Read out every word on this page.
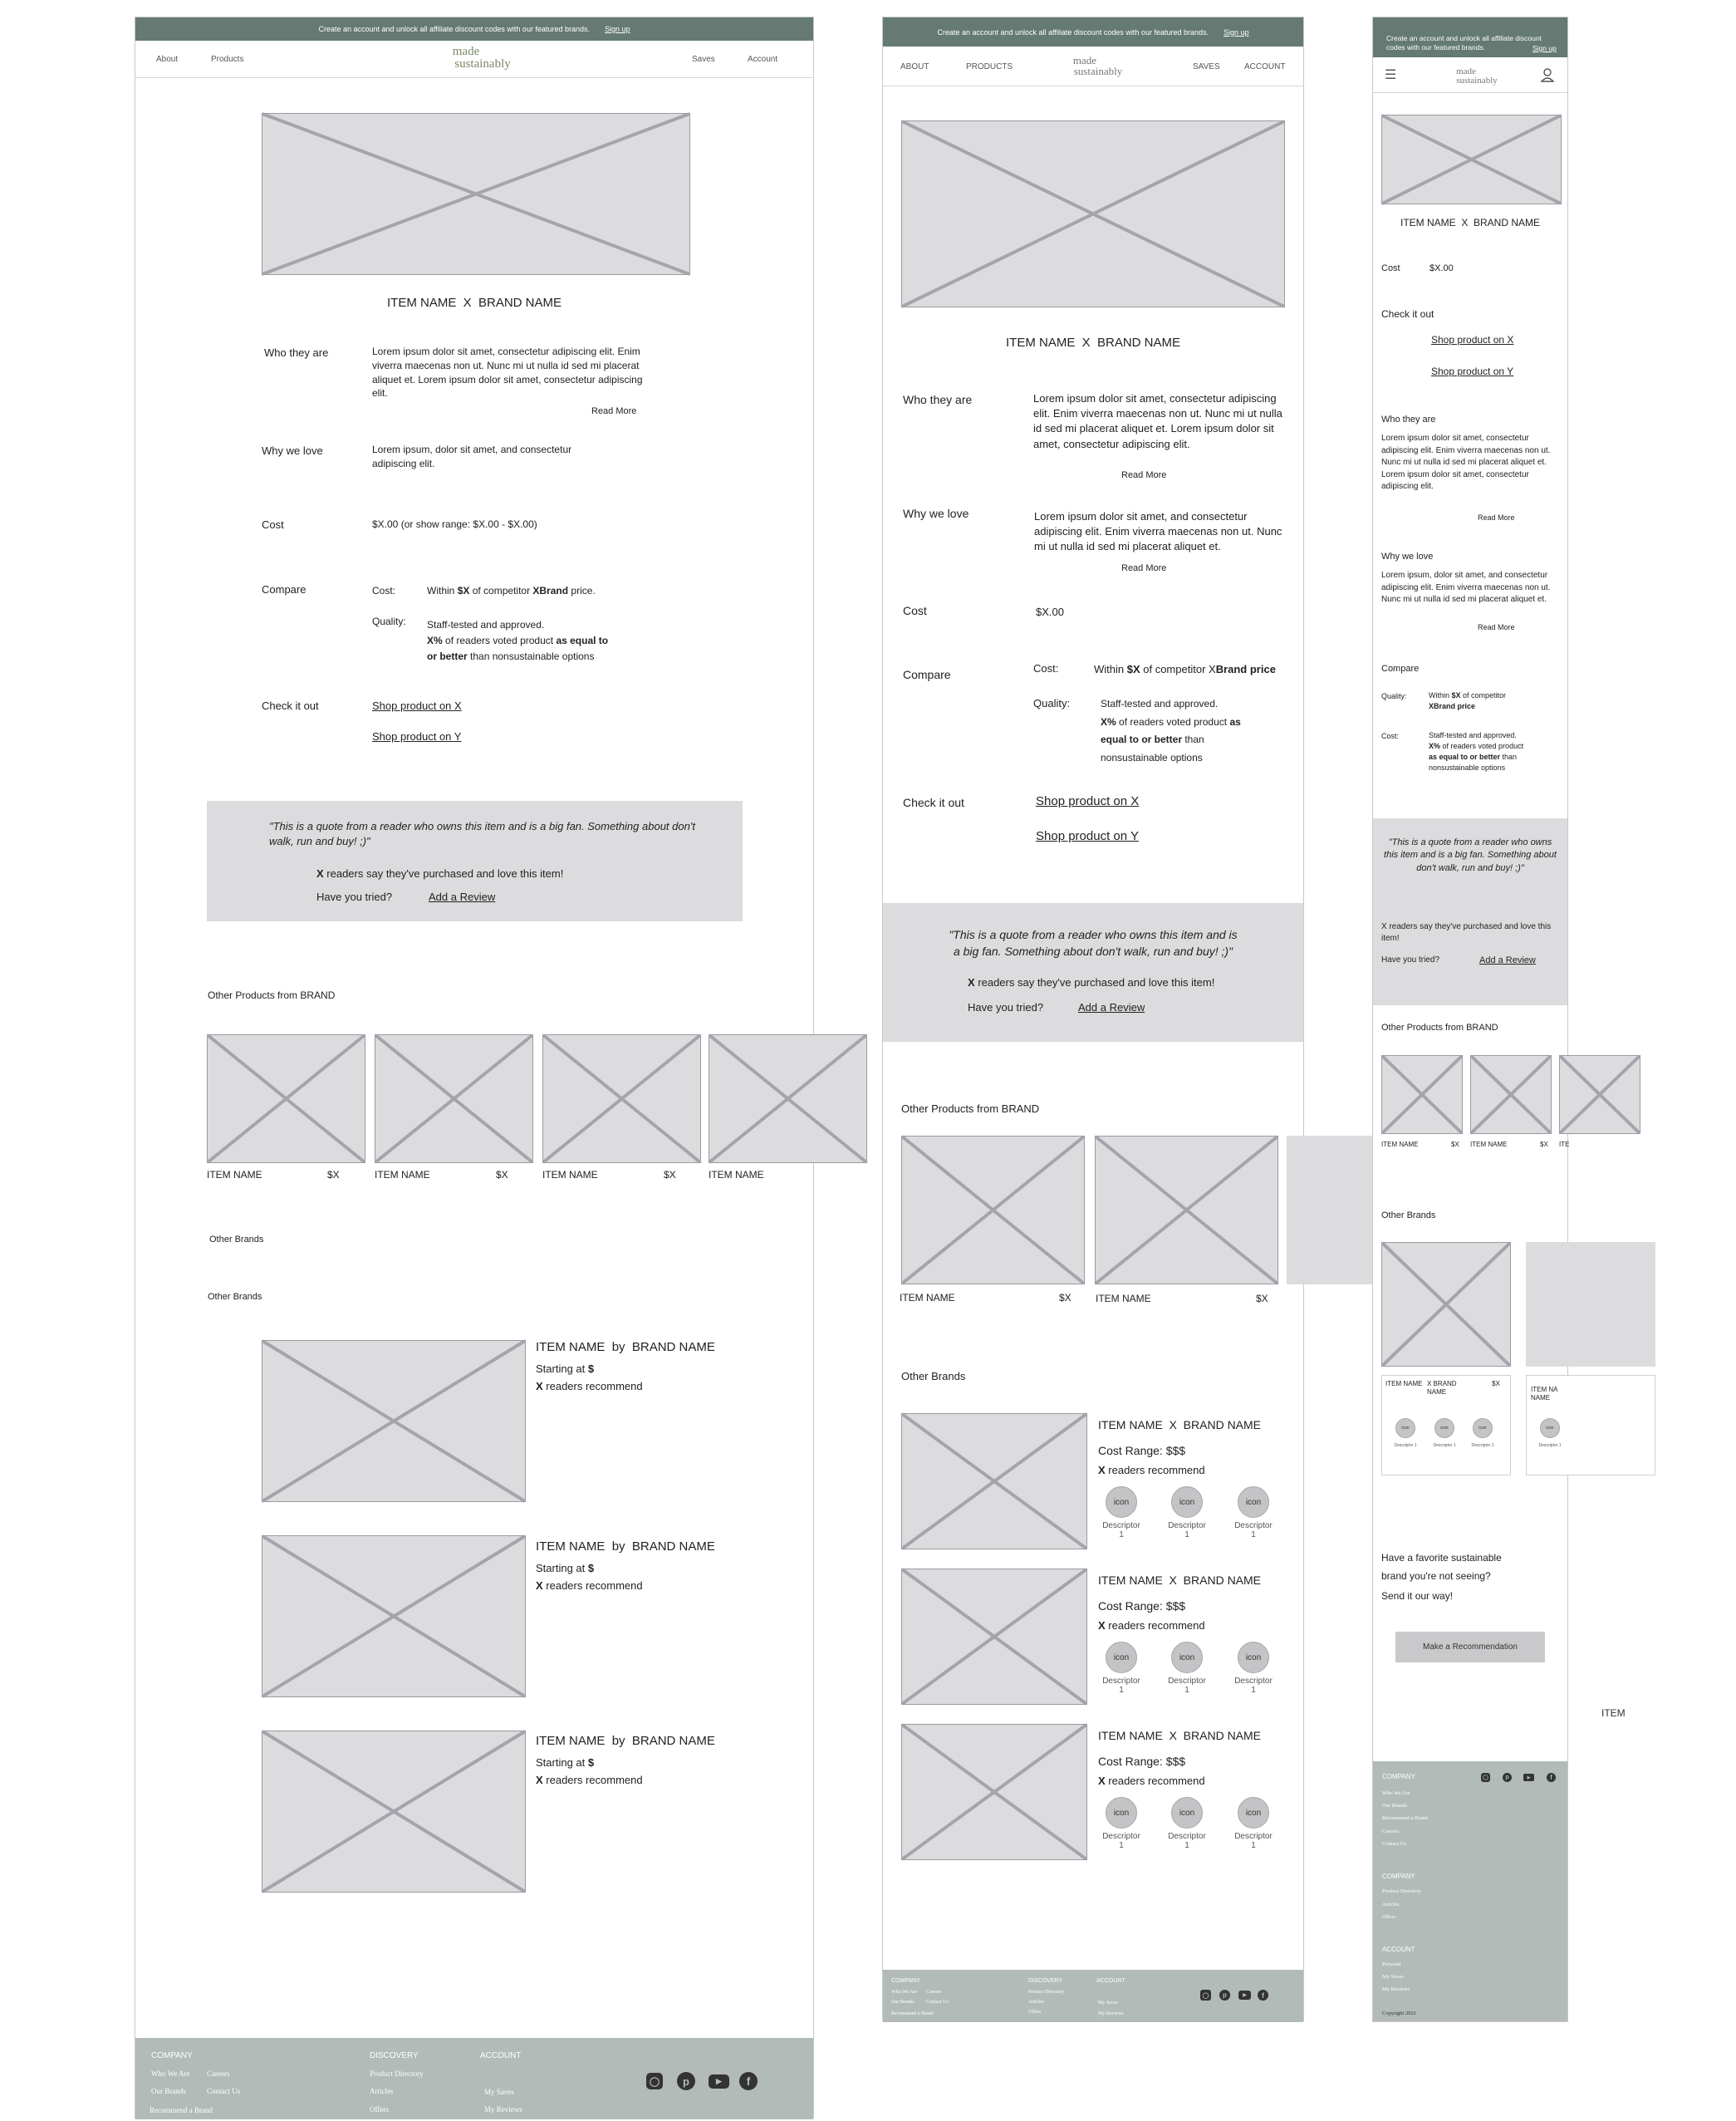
Create an account and unlock all affiliate discount codes with our featured brands. Sign up
About	Products
made
sustainably	Saves	Account
ITEM NAME  X  BRAND NAME
Who they are	Lorem ipsum dolor sit amet, consectetur adipiscing elit. Enim viverra maecenas non ut. Nunc mi ut nulla id sed mi placerat aliquet et. Lorem ipsum dolor sit amet, consectetur adipiscing elit.
Read More
Why we love	Lorem ipsum, dolor sit amet, and consectetur adipiscing elit.
Cost	$X.00 (or show range: $X.00 - $X.00)
Compare	Cost:	Within $X of competitor XBrand price.
Quality: Staff-tested and approved.
X% of readers voted product as equal to
or better than nonsustainable options
Check it out	Shop product on X
Shop product on Y
"This is a quote from a reader who owns this item and is a big fan. Something about don't walk, run and buy! ;)"
X readers say they've purchased and love this item!
Have you tried?	Add a Review
Other Products from BRAND
ITEM NAME	$X	ITEM NAME	$X	ITEM NAME	$X	ITEM NAME
Other Brands
Other Brands
ITEM NAME by BRAND NAME
Starting at $
X readers recommend
ITEM NAME by BRAND NAME
Starting at $
X readers recommend
ITEM NAME by BRAND NAME
Starting at $
X readers recommend
COMPANY
Who We Are Careers
Our Brands	Contact Us
Recommend a Brand
DISCOVERY
Product Directory
Articles
Offers
ACCOUNT
My Saves
My Reviews
◯	p	▶	f
Create an account and unlock all affiliate discount codes with our featured brands. Sign up
ABOUT	PRODUCTS
made
sustainably	SAVES	ACCOUNT
ITEM NAME  X  BRAND NAME
Who they are	Lorem ipsum dolor sit amet, consectetur adipiscing elit. Enim viverra maecenas non ut. Nunc mi ut nulla id sed mi placerat aliquet et. Lorem ipsum dolor sit amet, consectetur adipiscing elit.
Read More
Why we love	Lorem ipsum dolor sit amet, and consectetur adipiscing elit. Enim viverra maecenas non ut. Nunc mi ut nulla id sed mi placerat aliquet et.
Read More
Cost	$X.00
Compare	Cost:	Within $X of competitor XBrand price
Quality:	Staff-tested and approved.
X% of readers voted product as
equal to or better than
nonsustainable options
Check it out	Shop product on X
Shop product on Y
"This is a quote from a reader who owns this item and is
a big fan. Something about don't walk, run and buy! ;)"
X readers say they've purchased and love this item!
Have you tried?	Add a Review
Other Products from BRAND
ITEM NAME	$X ITEM NAME	$X
Other Brands
ITEM NAME  X  BRAND NAME
Cost Range: $$$
X readers recommend
icon	icon	icon
Descriptor
1
Descriptor
1
Descriptor
1
ITEM NAME  X  BRAND NAME
Cost Range: $$$
X readers recommend
icon	icon	icon
Descriptor
1
Descriptor
1
Descriptor
1
ITEM NAME  X  BRAND NAME
Cost Range: $$$
X readers recommend
icon	icon	icon
Descriptor
1
Descriptor
1
Descriptor
1
COMPANY
Who We Are Careers
Our Brands Contact Us
Recommend a Brand
DISCOVERY
Product Directory
Articles
Offers
ACCOUNT
My Saves
My Reviews
◯	p	▶	f
Create an account and unlock all affiliate discount
codes with our featured brands.	Sign up
☰	made
sustainably
ITEM NAME  X  BRAND NAME
Cost	$X.00
Check it out
Shop product on X
Shop product on Y
Who they are
Lorem ipsum dolor sit amet, consectetur adipiscing elit. Enim viverra maecenas non ut. Nunc mi ut nulla id sed mi placerat aliquet et. Lorem ipsum dolor sit amet, consectetur adipiscing elit.
Read More
Why we love
Lorem ipsum, dolor sit amet, and consectetur adipiscing elit. Enim viverra maecenas non ut. Nunc mi ut nulla id sed mi placerat aliquet et.
Read More
Compare
Quality:	Within $X of competitor
XBrand price
Cost:	Staff-tested and approved.
X% of readers voted product
as equal to or better than
nonsustainable options
"This is a quote from a reader who owns this item and is a big fan. Something about don't walk, run and buy! ;)"
X readers say they've purchased and love this item!
Have you tried?	Add a Review
Other Products from BRAND
ITEM NAME	$X ITEM NAME	$X ITE
Other Brands
ITEM NAME X BRAND NAME
$X
icon	icon	icon
Descriptor 1	Descriptor 1	Descriptor 1
ITEM NA NAME
icon
Descriptor 1
Have a favorite sustainable
brand you're not seeing?
Send it our way!
Make a Recommendation
COMPANY	◯	p	▶	f
Who We Are
Our Brands
Recommend a Brand
Careers
Contact Us
COMPANY
Product Directory
Articles
Offers
ACCOUNT
Personal
My Saves
My Reviews
Copyright 2021
ITEM
